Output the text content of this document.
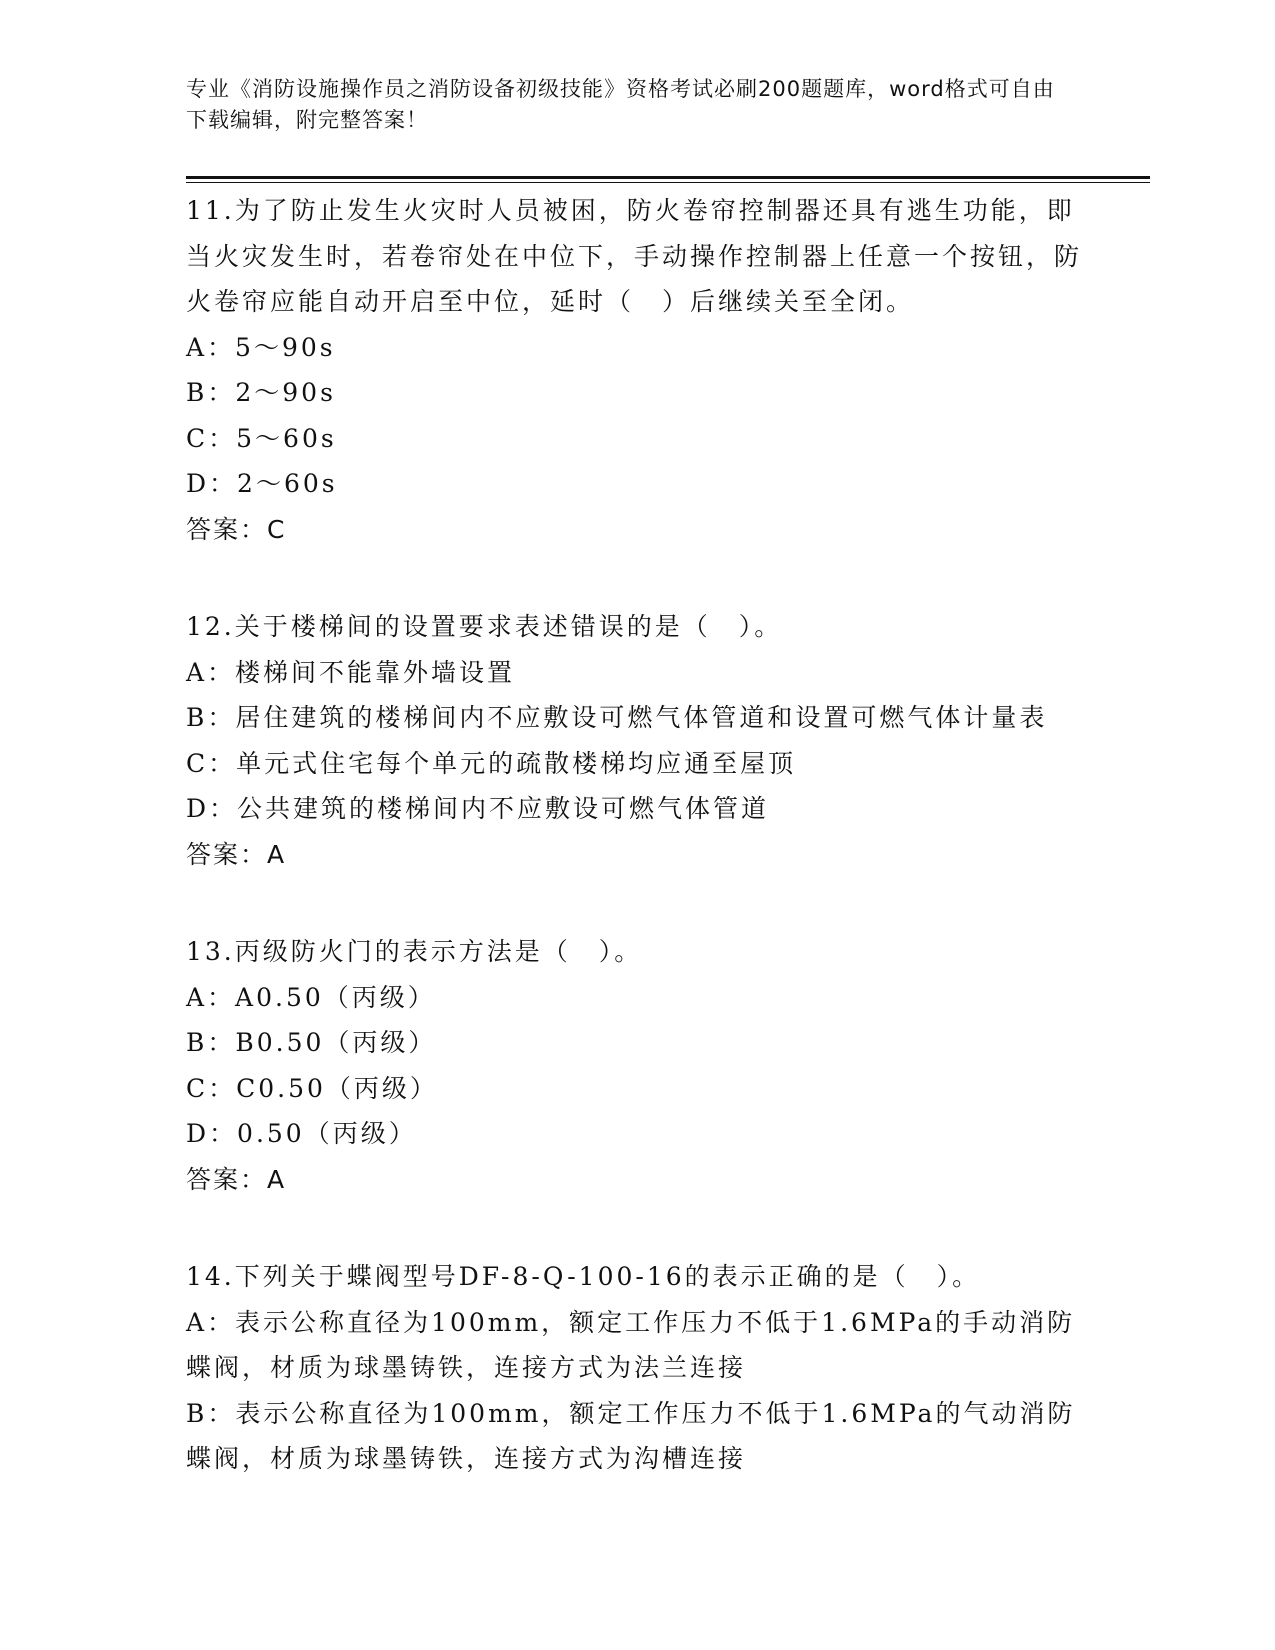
专业《消防设施操作员之消防设备初级技能》资格考试必刷200题题库，word格式可自由下载编辑，附完整答案！
11.为了防止发生火灾时人员被困，防火卷帘控制器还具有逃生功能，即当火灾发生时，若卷帘处在中位下，手动操作控制器上任意一个按钮，防火卷帘应能自动开启至中位，延时（　）后继续关至全闭。
A：5～90s
B：2～90s
C：5～60s
D：2～60s
答案：C
12.关于楼梯间的设置要求表述错误的是（　）。
A：楼梯间不能靠外墙设置
B：居住建筑的楼梯间内不应敷设可燃气体管道和设置可燃气体计量表
C：单元式住宅每个单元的疏散楼梯均应通至屋顶
D：公共建筑的楼梯间内不应敷设可燃气体管道
答案：A
13.丙级防火门的表示方法是（　）。
A：A0.50（丙级）
B：B0.50（丙级）
C：C0.50（丙级）
D：0.50（丙级）
答案：A
14.下列关于蝶阀型号DF-8-Q-100-16的表示正确的是（　）。
A：表示公称直径为100mm，额定工作压力不低于1.6MPa的手动消防蝶阀，材质为球墨铸铁，连接方式为法兰连接
B：表示公称直径为100mm，额定工作压力不低于1.6MPa的气动消防蝶阀，材质为球墨铸铁，连接方式为沟槽连接
